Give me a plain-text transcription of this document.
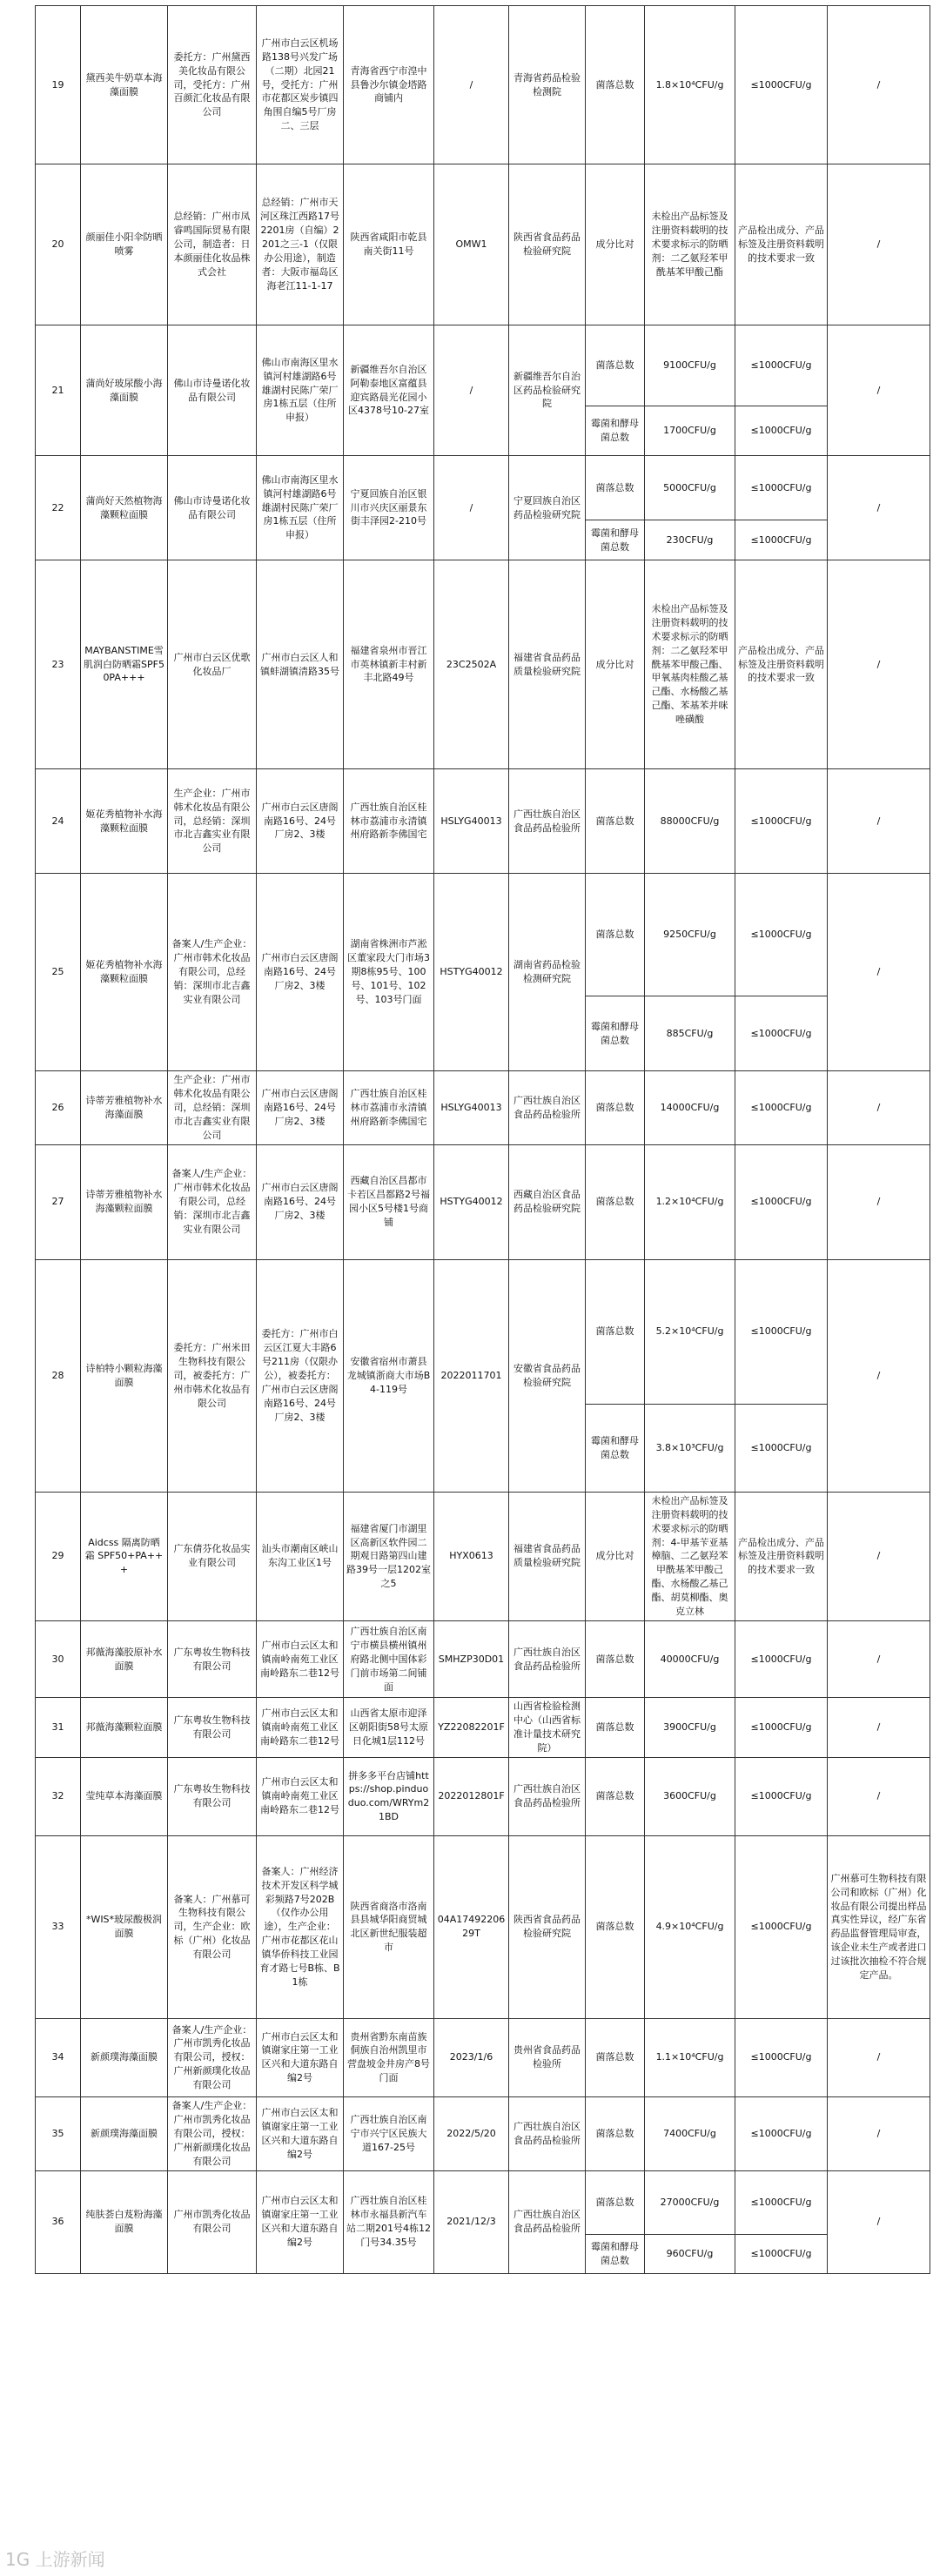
19	黛西美牛奶草本海藻面膜	委托方：广州黛西美化妆品有限公司，受托方：广州百颜汇化妆品有限公司	广州市白云区机场路138号兴发广场（二期）北园21号，受托方：广州市花都区炭步镇四角围自编5号厂房二、三层	青海省西宁市湟中县鲁沙尔镇金塔路商铺内	/	青海省药品检验检测院	菌落总数	1.8×10⁴CFU/g	≤1000CFU/g	/
20	颜丽佳小阳伞防晒喷雾	总经销：广州市凤睿鸣国际贸易有限公司，制造者：日本颜丽佳化妆品株式会社	总经销：广州市天河区珠江西路17号2201房（自编）2201之三-1（仅限办公用途），制造者：大阪市福岛区海老江11-1-17	陕西省咸阳市乾县南关街11号	OMW1	陕西省食品药品检验研究院	成分比对	未检出产品标签及注册资料载明的技术要求标示的防晒剂：二乙氨羟苯甲酰基苯甲酸己酯	产品检出成分、产品标签及注册资料载明的技术要求一致	/
21	蒲尚好玻尿酸小海藻面膜	佛山市诗曼诺化妆品有限公司	佛山市南海区里水镇河村雄湖路6号雄湖村民陈广荣厂房1栋五层（住所申报）	新疆维吾尔自治区阿勒泰地区富蕴县迎宾路晨光花园小区4378号10-27室	/	新疆维吾尔自治区药品检验研究院	菌落总数	9100CFU/g	≤1000CFU/g	/
							霉菌和酵母菌总数	1700CFU/g	≤1000CFU/g	
22	蒲尚好天然植物海藻颗粒面膜	佛山市诗曼诺化妆品有限公司	佛山市南海区里水镇河村雄湖路6号雄湖村民陈广荣厂房1栋五层（住所申报）	宁夏回族自治区银川市兴庆区丽景东街丰泽园2-210号	/	宁夏回族自治区药品检验研究院	菌落总数	5000CFU/g	≤1000CFU/g	/
							霉菌和酵母菌总数	230CFU/g	≤1000CFU/g	
23	MAYBANSTIME雪肌润白防晒霜SPF50PA+++	广州市白云区优歌化妆品厂	广州市白云区人和镇蚌湖镇清路35号	福建省泉州市晋江市英林镇新丰村新丰北路49号	23C2502A	福建省食品药品质量检验研究院	成分比对	未检出产品标签及注册资料载明的技术要求标示的防晒剂：二乙氨羟苯甲酰基苯甲酸己酯、甲氧基肉桂酸乙基己酯、水杨酸乙基己酯、苯基苯并咪唑磺酸	产品检出成分、产品标签及注册资料载明的技术要求一致	/
24	姬花秀植物补水海藻颗粒面膜	生产企业：广州市韩术化妆品有限公司，总经销：深圳市北吉鑫实业有限公司	广州市白云区唐阁南路16号、24号厂房2、3楼	广西壮族自治区桂林市荔浦市永清镇州府路新李佛国宅	HSLYG40013	广西壮族自治区食品药品检验所	菌落总数	88000CFU/g	≤1000CFU/g	/
25	姬花秀植物补水海藻颗粒面膜	备案人/生产企业：广州市韩术化妆品有限公司，总经销：深圳市北吉鑫实业有限公司	广州市白云区唐阁南路16号、24号厂房2、3楼	湖南省株洲市芦淞区董家段大门市场3期8栋95号、100号、101号、102号、103号门面	HSTYG40012	湖南省药品检验检测研究院	菌落总数	9250CFU/g	≤1000CFU/g	/
							霉菌和酵母菌总数	885CFU/g	≤1000CFU/g	
26	诗蒂芳雅植物补水海藻面膜	生产企业：广州市韩术化妆品有限公司，总经销：深圳市北吉鑫实业有限公司	广州市白云区唐阁南路16号、24号厂房2、3楼	广西壮族自治区桂林市荔浦市永清镇州府路新李佛国宅	HSLYG40013	广西壮族自治区食品药品检验所	菌落总数	14000CFU/g	≤1000CFU/g	/
27	诗蒂芳雅植物补水海藻颗粒面膜	备案人/生产企业：广州市韩术化妆品有限公司，总经销：深圳市北吉鑫实业有限公司	广州市白云区唐阁南路16号、24号厂房2、3楼	西藏自治区昌都市卡若区昌都路2号福园小区5号楼1号商铺	HSTYG40012	西藏自治区食品药品检验研究院	菌落总数	1.2×10⁴CFU/g	≤1000CFU/g	/
28	诗柏特小颗粒海藻面膜	委托方：广州米田生物科技有限公司，被委托方：广州市韩术化妆品有限公司	委托方：广州市白云区江夏大丰路6号211房（仅限办公），被委托方：广州市白云区唐阁南路16号、24号厂房2、3楼	安徽省宿州市萧县龙城镇浙商大市场B4-119号	2022011701	安徽省食品药品检验研究院	菌落总数	5.2×10⁴CFU/g	≤1000CFU/g	/
							霉菌和酵母菌总数	3.8×10³CFU/g	≤1000CFU/g	
29	Aidcss 隔离防晒霜 SPF50+PA+++	广东倩芬化妆品实业有限公司	汕头市潮南区峡山东沟工业区1号	福建省厦门市湖里区高新区软件园二期观日路第四山建路39号一层1202室之5	HYX0613	福建省食品药品质量检验研究院	成分比对	未检出产品标签及注册资料载明的技术要求标示的防晒剂：4-甲基苄亚基樟脑、二乙氨羟苯甲酰基苯甲酸己酯、水杨酸乙基己酯、胡莫柳酯、奥克立林	产品检出成分、产品标签及注册资料载明的技术要求一致	/
30	邦薇海藻胶原补水面膜	广东粤妆生物科技有限公司	广州市白云区太和镇南岭南苑工业区南岭路东二巷12号	广西壮族自治区南宁市横县横州镇州府路北侧中国体彩门前市场第二间铺面	SMHZP30D01	广西壮族自治区食品药品检验所	菌落总数	40000CFU/g	≤1000CFU/g	/
31	邦薇海藻颗粒面膜	广东粤妆生物科技有限公司	广州市白云区太和镇南岭南苑工业区南岭路东二巷12号	山西省太原市迎泽区朝阳街58号太原日化城1层112号	YZ22082201F	山西省检验检测中心（山西省标准计量技术研究院）	菌落总数	3900CFU/g	≤1000CFU/g	/
32	莹纯草本海藻面膜	广东粤妆生物科技有限公司	广州市白云区太和镇南岭南苑工业区南岭路东二巷12号	拼多多平台店铺https://shop.pinduoduo.com/WRYm21BD	2022012801F	广西壮族自治区食品药品检验所	菌落总数	3600CFU/g	≤1000CFU/g	/
33	*WIS*玻尿酸极润面膜	备案人：广州慕可生物科技有限公司，生产企业：欧标（广州）化妆品有限公司	备案人：广州经济技术开发区科学城彩频路7号202B（仅作办公用途），生产企业：广州市花都区花山镇华侨科技工业园育才路七号B栋、B1栋	陕西省商洛市洛南县县城华阳商贸城北区新世纪服装超市	04A1749220629T	陕西省食品药品检验研究院	菌落总数	4.9×10⁴CFU/g	≤1000CFU/g	广州慕可生物科技有限公司和欧标（广州）化妆品有限公司提出样品真实性异议，经广东省药品监督管理局审查，该企业未生产或者进口过该批次抽检不符合规定产品。
34	新颜璞海藻面膜	备案人/生产企业：广州市凯秀化妆品有限公司，授权：广州新颜璞化妆品有限公司	广州市白云区太和镇谢家庄第一工业区兴和大道东路自编2号	贵州省黔东南苗族侗族自治州凯里市营盘坡金井房产8号门面	2023/1/6	贵州省食品药品检验所	菌落总数	1.1×10⁴CFU/g	≤1000CFU/g	/
35	新颜璞海藻面膜	备案人/生产企业：广州市凯秀化妆品有限公司，授权：广州新颜璞化妆品有限公司	广州市白云区太和镇谢家庄第一工业区兴和大道东路自编2号	广西壮族自治区南宁市兴宁区民族大道167-25号	2022/5/20	广西壮族自治区食品药品检验所	菌落总数	7400CFU/g	≤1000CFU/g	/
36	纯肤荟白芨粉海藻面膜	广州市凯秀化妆品有限公司	广州市白云区太和镇谢家庄第一工业区兴和大道东路自编2号	广西壮族自治区桂林市永福县新汽车站二期201号4栋12门号34.35号	2021/12/3	广西壮族自治区食品药品检验所	菌落总数	27000CFU/g	≤1000CFU/g	/
							霉菌和酵母菌总数	960CFU/g	≤1000CFU/g	
1G 上游新闻
